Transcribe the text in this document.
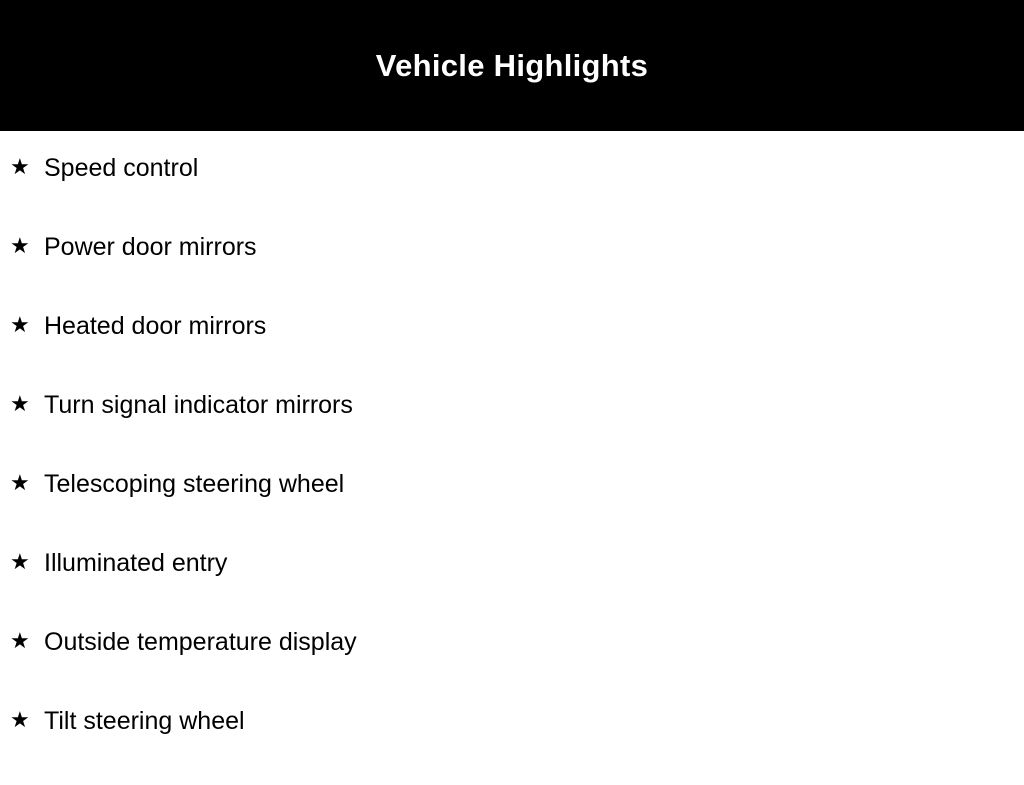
Vehicle Highlights
★ Speed control
★ Power door mirrors
★ Heated door mirrors
★ Turn signal indicator mirrors
★ Telescoping steering wheel
★ Illuminated entry
★ Outside temperature display
★ Tilt steering wheel
